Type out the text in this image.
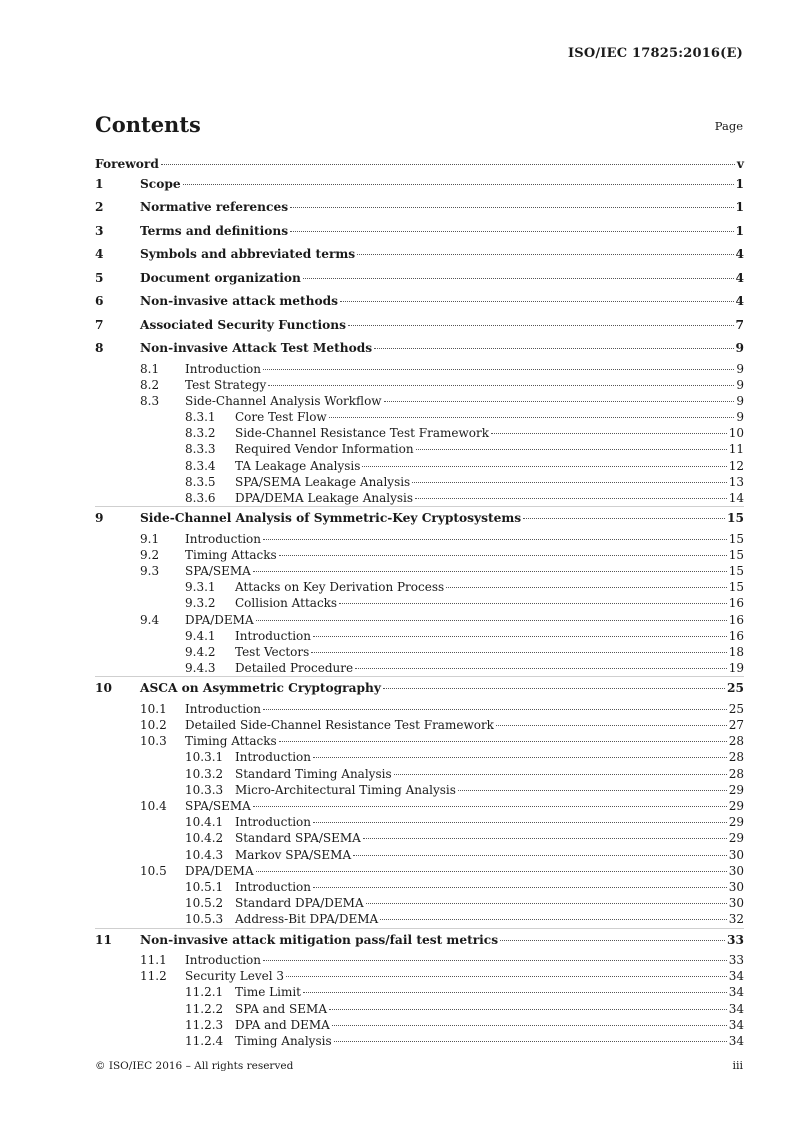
ISO/IEC 17825:2016(E)
Contents	Page
Foreword	v
1	Scope	1
2	Normative references	1
3	Terms and definitions	1
4	Symbols and abbreviated terms	4
5	Document organization	4
6	Non-invasive attack methods	4
7	Associated Security Functions	7
8	Non-invasive Attack Test Methods	9
8.1	Introduction	9
8.2	Test Strategy	9
8.3	Side-Channel Analysis Workflow	9
8.3.1	Core Test Flow	9
8.3.2	Side-Channel Resistance Test Framework	10
8.3.3	Required Vendor Information	11
8.3.4	TA Leakage Analysis	12
8.3.5	SPA/SEMA Leakage Analysis	13
8.3.6	DPA/DEMA Leakage Analysis	14
9	Side-Channel Analysis of Symmetric-Key Cryptosystems	15
9.1	Introduction	15
9.2	Timing Attacks	15
9.3	SPA/SEMA	15
9.3.1	Attacks on Key Derivation Process	15
9.3.2	Collision Attacks	16
9.4	DPA/DEMA	16
9.4.1	Introduction	16
9.4.2	Test Vectors	18
9.4.3	Detailed Procedure	19
10	ASCA on Asymmetric Cryptography	25
10.1	Introduction	25
10.2	Detailed Side-Channel Resistance Test Framework	27
10.3	Timing Attacks	28
10.3.1 Introduction	28
10.3.2 Standard Timing Analysis	28
10.3.3 Micro-Architectural Timing Analysis	29
10.4	SPA/SEMA	29
10.4.1 Introduction	29
10.4.2 Standard SPA/SEMA	29
10.4.3 Markov SPA/SEMA	30
10.5	DPA/DEMA	30
10.5.1 Introduction	30
10.5.2 Standard DPA/DEMA	30
10.5.3 Address-Bit DPA/DEMA	32
11	Non-invasive attack mitigation pass/fail test metrics	33
11.1	Introduction	33
11.2	Security Level 3	34
11.2.1 Time Limit	34
11.2.2 SPA and SEMA	34
11.2.3 DPA and DEMA	34
11.2.4 Timing Analysis	34
© ISO/IEC 2016 – All rights reserved	iii
